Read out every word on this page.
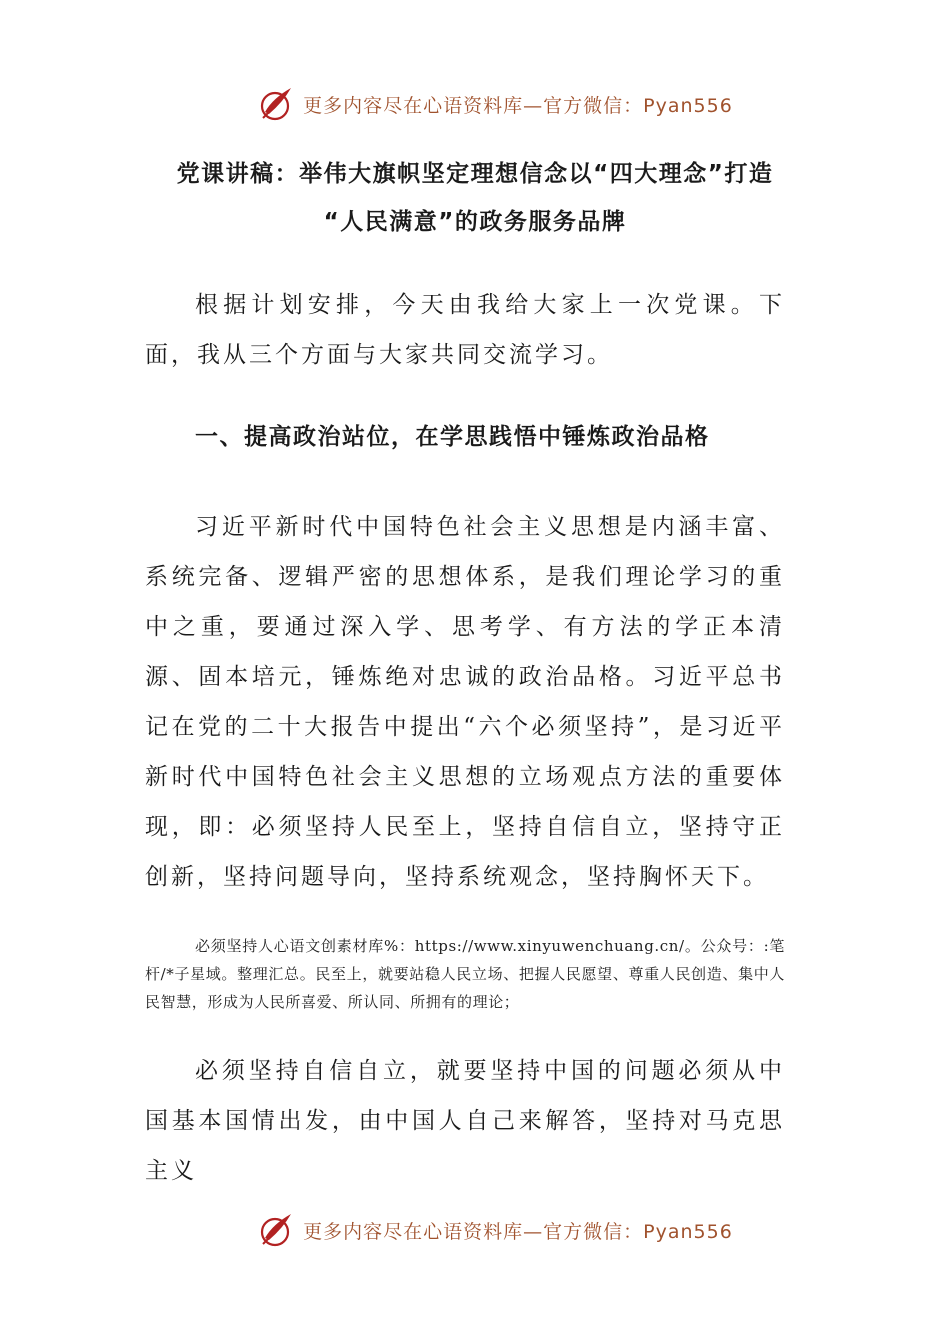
更多内容尽在心语资料库—官方微信：Pyan556
党课讲稿：举伟大旗帜坚定理想信念以“四大理念”打造
“人民满意”的政务服务品牌
根据计划安排，今天由我给大家上一次党课。下面，我从三个方面与大家共同交流学习。
一、提高政治站位，在学思践悟中锤炼政治品格
习近平新时代中国特色社会主义思想是内涵丰富、系统完备、逻辑严密的思想体系，是我们理论学习的重中之重，要通过深入学、思考学、有方法的学正本清源、固本培元，锤炼绝对忠诚的政治品格。习近平总书记在党的二十大报告中提出“六个必须坚持”，是习近平新时代中国特色社会主义思想的立场观点方法的重要体现，即：必须坚持人民至上，坚持自信自立，坚持守正创新，坚持问题导向，坚持系统观念，坚持胸怀天下。
必须坚持人心语文创素材库%：https://www.xinyuwenchuang.cn/。公众号：:笔杆/*子星域。整理汇总。民至上，就要站稳人民立场、把握人民愿望、尊重人民创造、集中人民智慧，形成为人民所喜爱、所认同、所拥有的理论；
必须坚持自信自立，就要坚持中国的问题必须从中国基本国情出发，由中国人自己来解答，坚持对马克思主义
更多内容尽在心语资料库—官方微信：Pyan556
